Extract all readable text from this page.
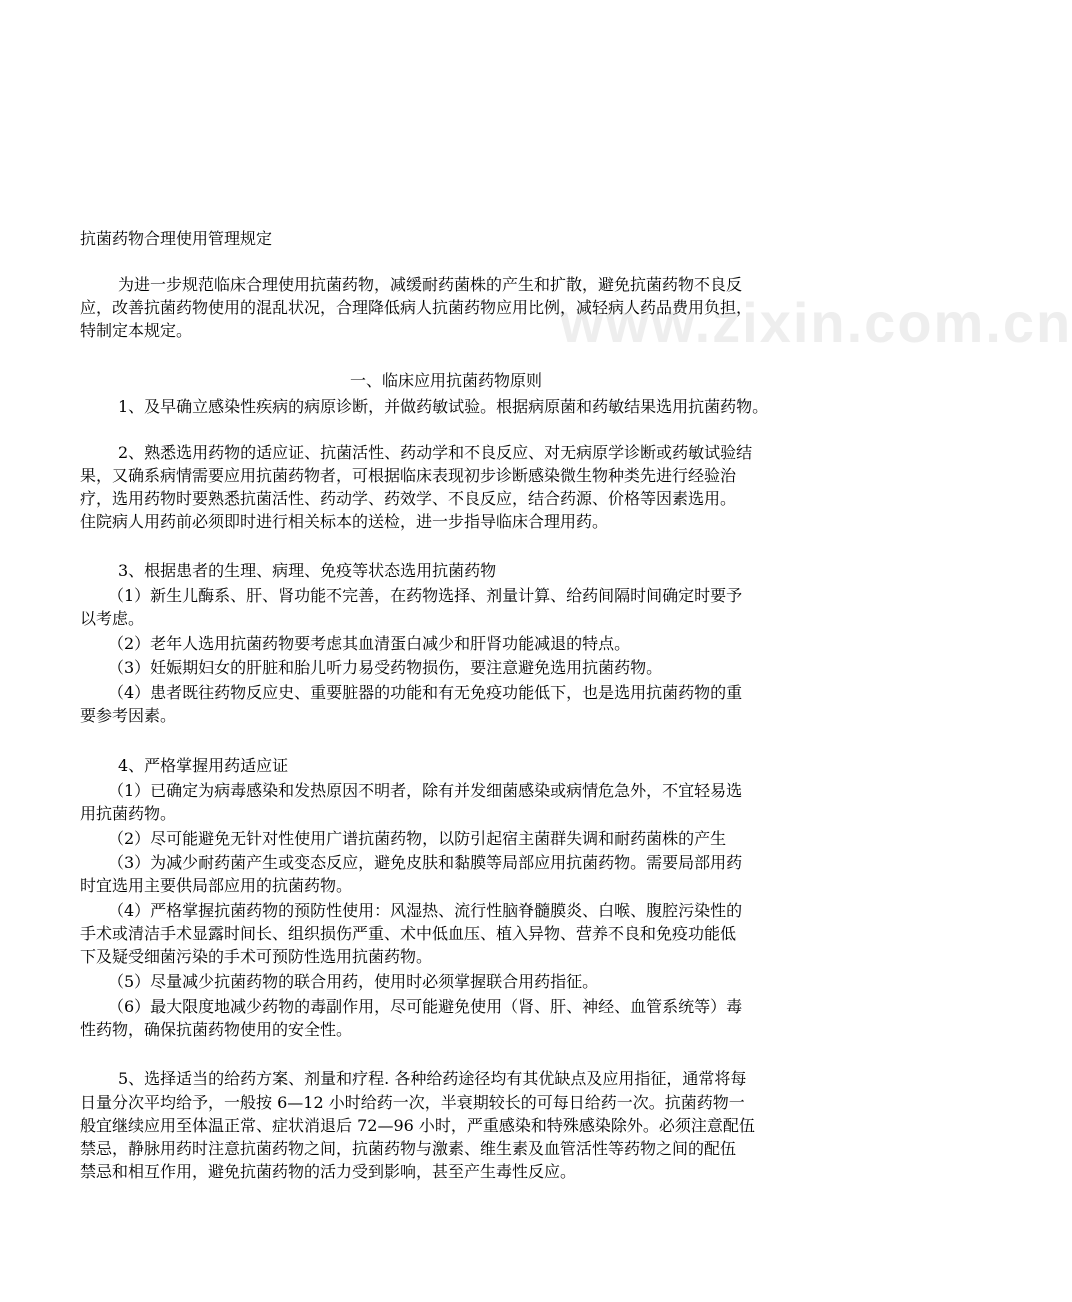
www.zixin.com.cn
抗菌药物合理使用管理规定
为进一步规范临床合理使用抗菌药物，减缓耐药菌株的产生和扩散，避免抗菌药物不良反
应，改善抗菌药物使用的混乱状况，合理降低病人抗菌药物应用比例，减轻病人药品费用负担，
特制定本规定。
一、临床应用抗菌药物原则
1、及早确立感染性疾病的病原诊断，并做药敏试验。根据病原菌和药敏结果选用抗菌药物。
2、熟悉选用药物的适应证、抗菌活性、药动学和不良反应、对无病原学诊断或药敏试验结
果，又确系病情需要应用抗菌药物者，可根据临床表现初步诊断感染微生物种类先进行经验治
疗，选用药物时要熟悉抗菌活性、药动学、药效学、不良反应，结合药源、价格等因素选用。
住院病人用药前必须即时进行相关标本的送检，进一步指导临床合理用药。
3、根据患者的生理、病理、免疫等状态选用抗菌药物
（1）新生儿酶系、肝、肾功能不完善，在药物选择、剂量计算、给药间隔时间确定时要予
以考虑。
（2）老年人选用抗菌药物要考虑其血清蛋白减少和肝肾功能减退的特点。
（3）妊娠期妇女的肝脏和胎儿听力易受药物损伤，要注意避免选用抗菌药物。
（4）患者既往药物反应史、重要脏器的功能和有无免疫功能低下，也是选用抗菌药物的重
要参考因素。
4、严格掌握用药适应证
（1）已确定为病毒感染和发热原因不明者，除有并发细菌感染或病情危急外，不宜轻易选
用抗菌药物。
（2）尽可能避免无针对性使用广谱抗菌药物，以防引起宿主菌群失调和耐药菌株的产生
（3）为减少耐药菌产生或变态反应，避免皮肤和黏膜等局部应用抗菌药物。需要局部用药
时宜选用主要供局部应用的抗菌药物。
（4）严格掌握抗菌药物的预防性使用：风湿热、流行性脑脊髓膜炎、白喉、腹腔污染性的
手术或清洁手术显露时间长、组织损伤严重、术中低血压、植入异物、营养不良和免疫功能低
下及疑受细菌污染的手术可预防性选用抗菌药物。
（5）尽量减少抗菌药物的联合用药，使用时必须掌握联合用药指征。
（6）最大限度地减少药物的毒副作用，尽可能避免使用（肾、肝、神经、血管系统等）毒
性药物，确保抗菌药物使用的安全性。
5、选择适当的给药方案、剂量和疗程. 各种给药途径均有其优缺点及应用指征，通常将每
日量分次平均给予，一般按 6—12 小时给药一次，半衰期较长的可每日给药一次。抗菌药物一
般宜继续应用至体温正常、症状消退后 72—96 小时，严重感染和特殊感染除外。必须注意配伍
禁忌，静脉用药时注意抗菌药物之间，抗菌药物与激素、维生素及血管活性等药物之间的配伍
禁忌和相互作用，避免抗菌药物的活力受到影响，甚至产生毒性反应。
